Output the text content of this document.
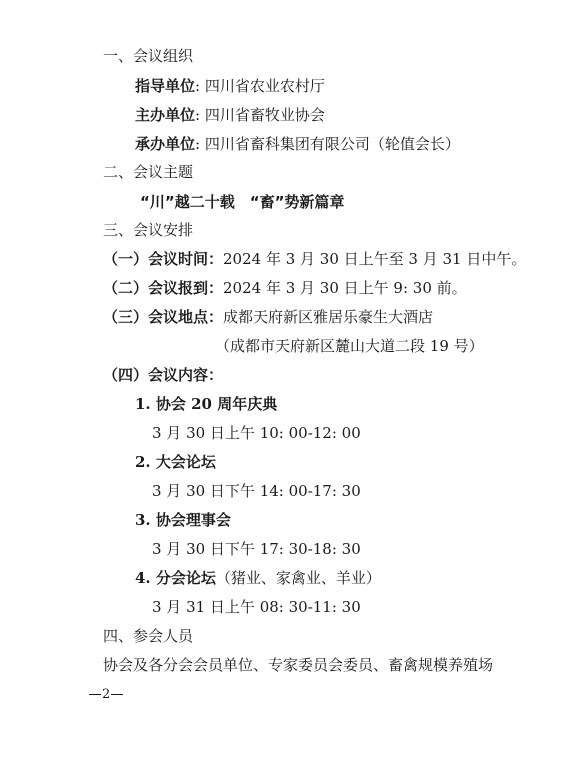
一、会议组织
指导单位: 四川省农业农村厅
主办单位: 四川省畜牧业协会
承办单位: 四川省畜科集团有限公司（轮值会长）
二、会议主题
“川”越二十载　“畜”势新篇章
三、会议安排
（一）会议时间：2024 年 3 月 30 日上午至 3 月 31 日中午。
（二）会议报到：2024 年 3 月 30 日上午 9: 30 前。
（三）会议地点：成都天府新区雅居乐豪生大酒店
（成都市天府新区麓山大道二段 19 号）
（四）会议内容：
1. 协会 20 周年庆典
3 月 30 日上午 10: 00-12: 00
2. 大会论坛
3 月 30 日下午 14: 00-17: 30
3. 协会理事会
3 月 30 日下午 17: 30-18: 30
4. 分会论坛（猪业、家禽业、羊业）
3 月 31 日上午 08: 30-11: 30
四、参会人员
协会及各分会会员单位、专家委员会委员、畜禽规模养殖场
2
